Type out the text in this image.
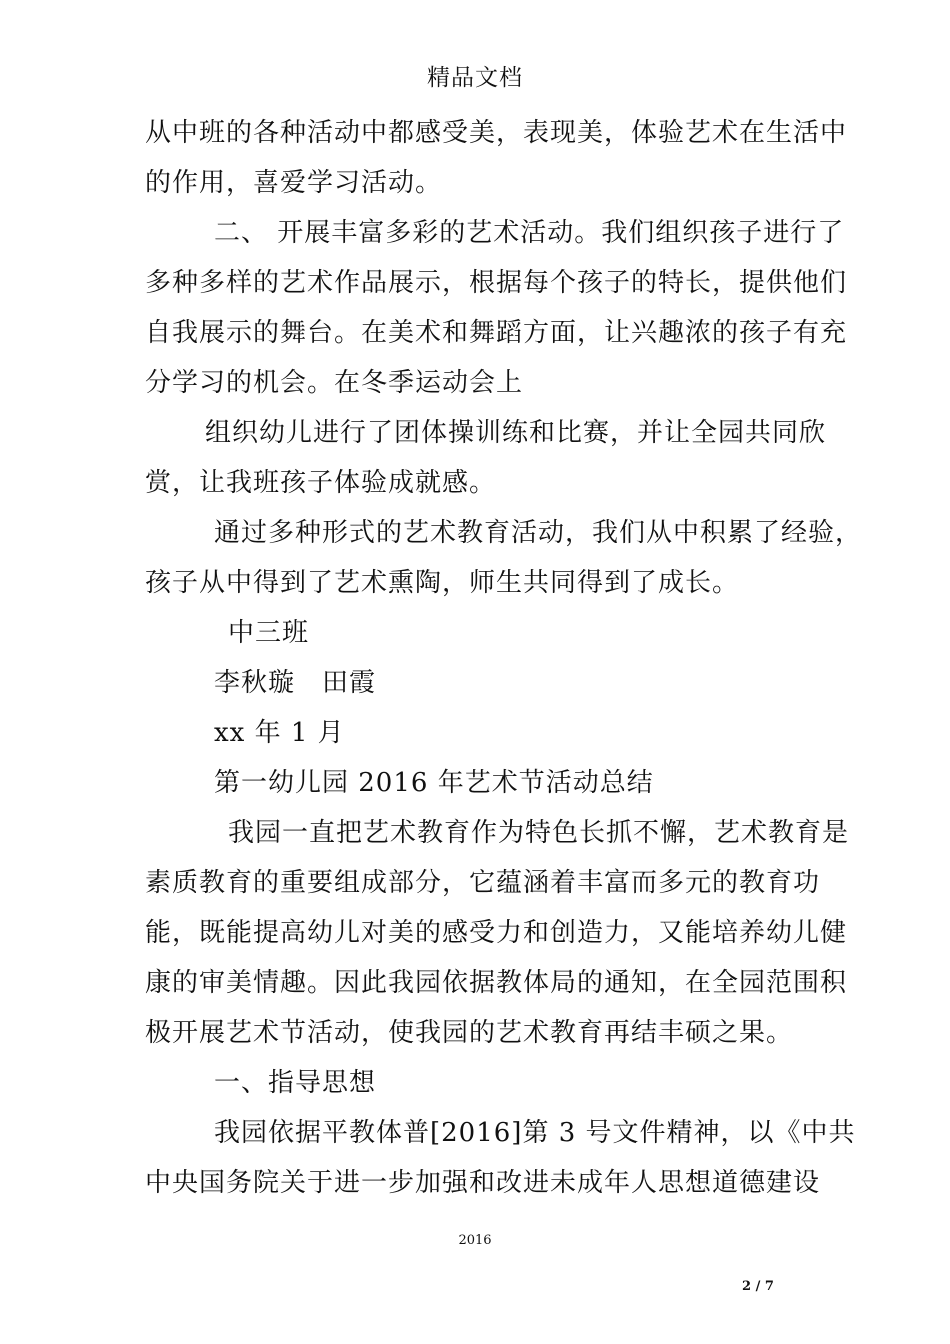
精品文档
从中班的各种活动中都感受美，表现美，体验艺术在生活中
的作用，喜爱学习活动。
二、 开展丰富多彩的艺术活动。我们组织孩子进行了
多种多样的艺术作品展示，根据每个孩子的特长，提供他们
自我展示的舞台。在美术和舞蹈方面，让兴趣浓的孩子有充
分学习的机会。在冬季运动会上
组织幼儿进行了团体操训练和比赛，并让全园共同欣
赏，让我班孩子体验成就感。
通过多种形式的艺术教育活动，我们从中积累了经验，
孩子从中得到了艺术熏陶，师生共同得到了成长。
中三班
李秋璇　田霞
xx 年 1 月
第一幼儿园 2016 年艺术节活动总结
我园一直把艺术教育作为特色长抓不懈，艺术教育是
素质教育的重要组成部分，它蕴涵着丰富而多元的教育功
能，既能提高幼儿对美的感受力和创造力，又能培养幼儿健
康的审美情趣。因此我园依据教体局的通知，在全园范围积
极开展艺术节活动，使我园的艺术教育再结丰硕之果。
一、指导思想
我园依据平教体普[2016]第 3 号文件精神，以《中共
中央国务院关于进一步加强和改进未成年人思想道德建设
2016
2 / 7
